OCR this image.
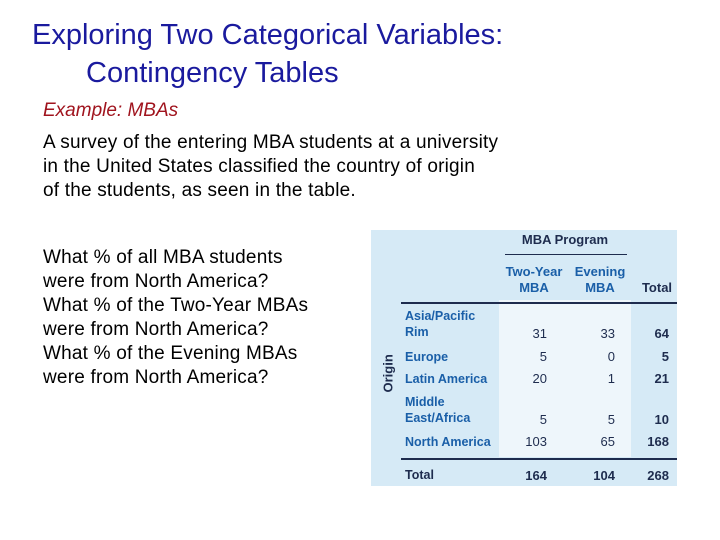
Exploring Two Categorical Variables:
Contingency Tables
Example: MBAs
A survey of the entering MBA students at a university
in the United States classified the country of origin
of the students, as seen in the table.
What % of all MBA students
were from North America?
What % of the Two-Year MBAs
were from North America?
What % of the Evening MBAs
were from North America?
MBA Program
Two-Year
MBA
Evening
MBA	Total
Origin
Asia/Pacific
Rim	31	33	64
Europe	5	0	5
Latin America	20	1	21
Middle
East/Africa	5	5	10
North America	103	65	168
Total	164	104	268
